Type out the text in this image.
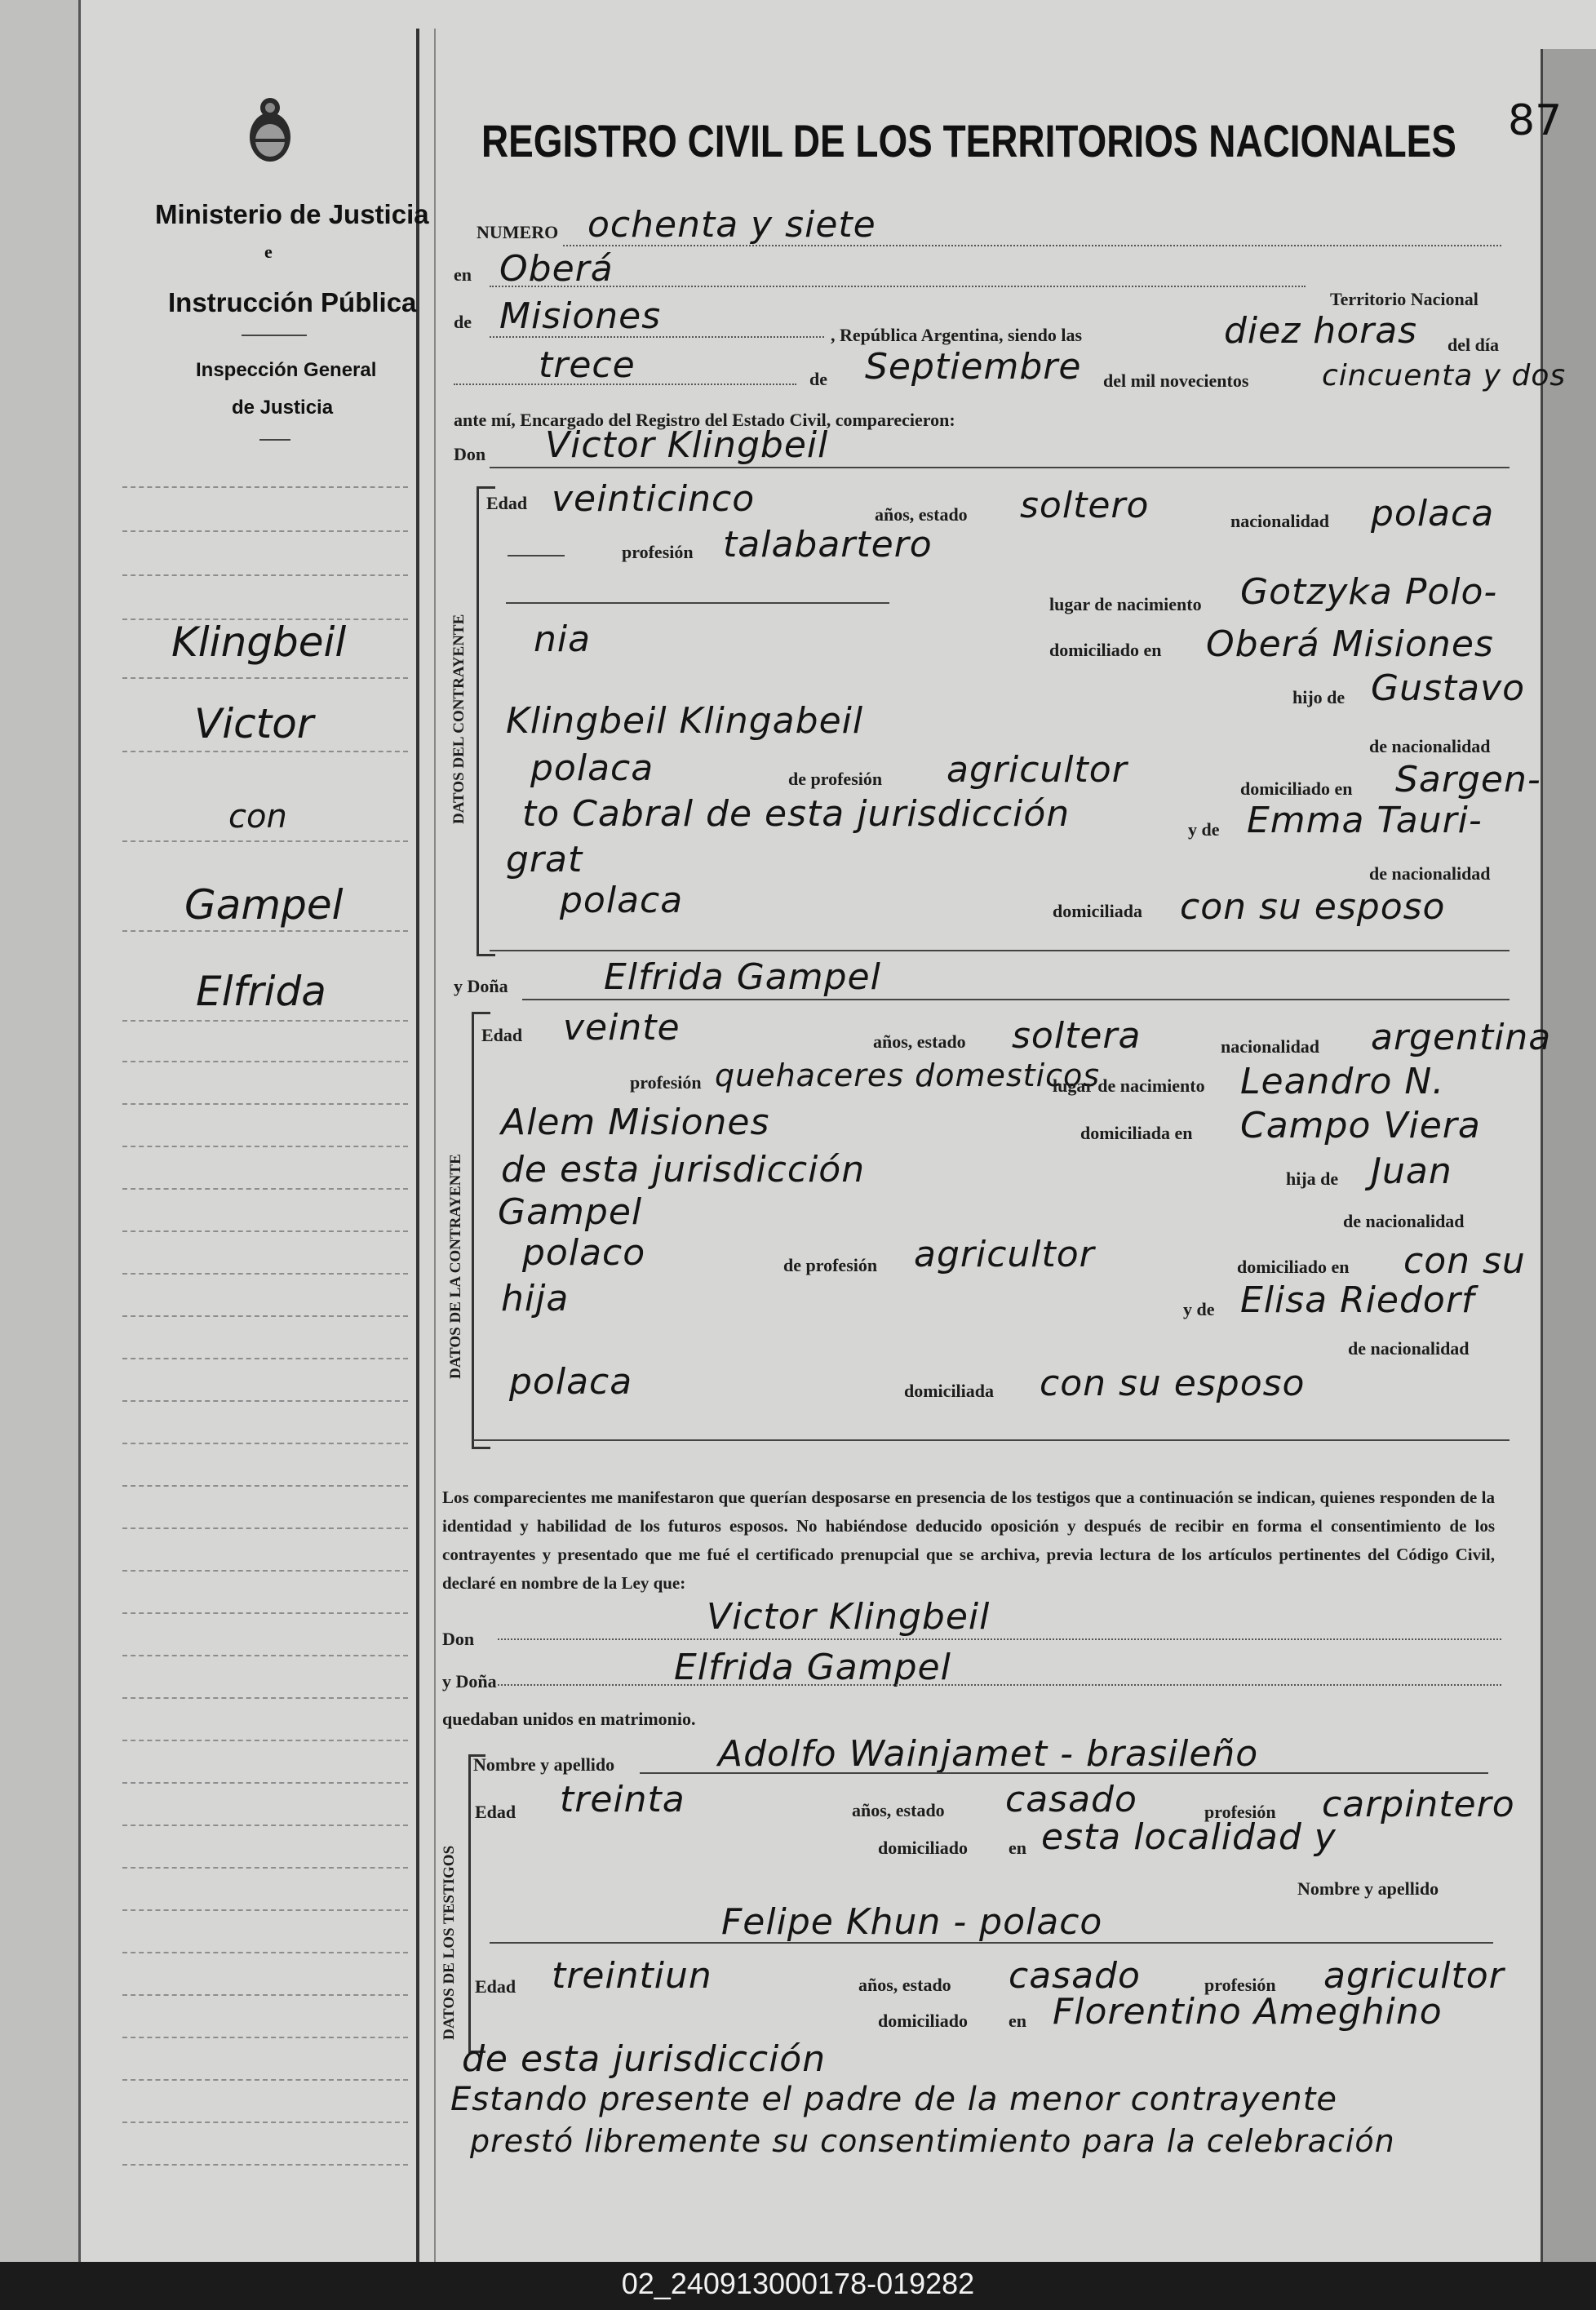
Ministerio de Justicia
e
Instrucción Pública
Inspección General
de Justicia
Klingbeil
Victor
con
Gampel
Elfrida
REGISTRO CIVIL DE LOS TERRITORIOS NACIONALES 87
NUMERO ochenta y siete
en Oberá
Territorio Nacional
de Misiones	, República Argentina, siendo las	diez horas del día
trece	de Septiembre del mil novecientos cincuenta y dos
ante mí, Encargado del Registro del Estado Civil, comparecieron:
Don Victor Klingbeil
DATOS DEL CONTRAYENTE
Edad veinticinco	años, estado soltero	nacionalidad polaca
profesión talabartero
lugar de nacimiento Gotzyka Polo-
nia	domiciliado en Oberá Misiones
hijo de Gustavo
Klingbeil Klingabeil
de nacionalidad
polaca	de profesión agricultor	domiciliado en Sargen-
to Cabral de esta jurisdicción	y de Emma Tauri-
grat	de nacionalidad
polaca	domiciliada con su esposo
y Doña	Elfrida Gampel
DATOS DE LA CONTRAYENTE
Edad veinte	años, estado soltera	nacionalidad argentina
profesión quehaceres domesticos
lugar de nacimiento Leandro N.
Alem Misiones	domiciliada en Campo Viera
de esta jurisdicción	hija de Juan
Gampel	de nacionalidad
polaco	de profesión agricultor	domiciliado en con su
hija	y de Elisa Riedorf
de nacionalidad
polaca	domiciliada con su esposo
Los comparecientes me manifestaron que querían desposarse en presencia de los testigos que a continuación se indican, quienes responden de la identidad y habilidad de los futuros esposos. No habiéndose deducido oposición y después de recibir en forma el consentimiento de los contrayentes y presentado que me fué el certificado prenupcial que se archiva, previa lectura de los artículos pertinentes del Código Civil, declaré en nombre de la Ley que:
Don
Victor Klingbeil
y Doña	Elfrida Gampel
quedaban unidos en matrimonio.
DATOS DE LOS TESTIGOS
Nombre y apellido	Adolfo Wainjamet - brasileño
Edad treinta	años, estado casado	profesión carpintero
domiciliado en esta localidad y
Nombre y apellido
Felipe Khun - polaco
Edad treintiun	años, estado casado	profesión agricultor
domiciliado en Florentino Ameghino
de esta jurisdicción
Estando presente el padre de la menor contrayente
prestó libremente su consentimiento para la celebración
02_240913000178-019282
